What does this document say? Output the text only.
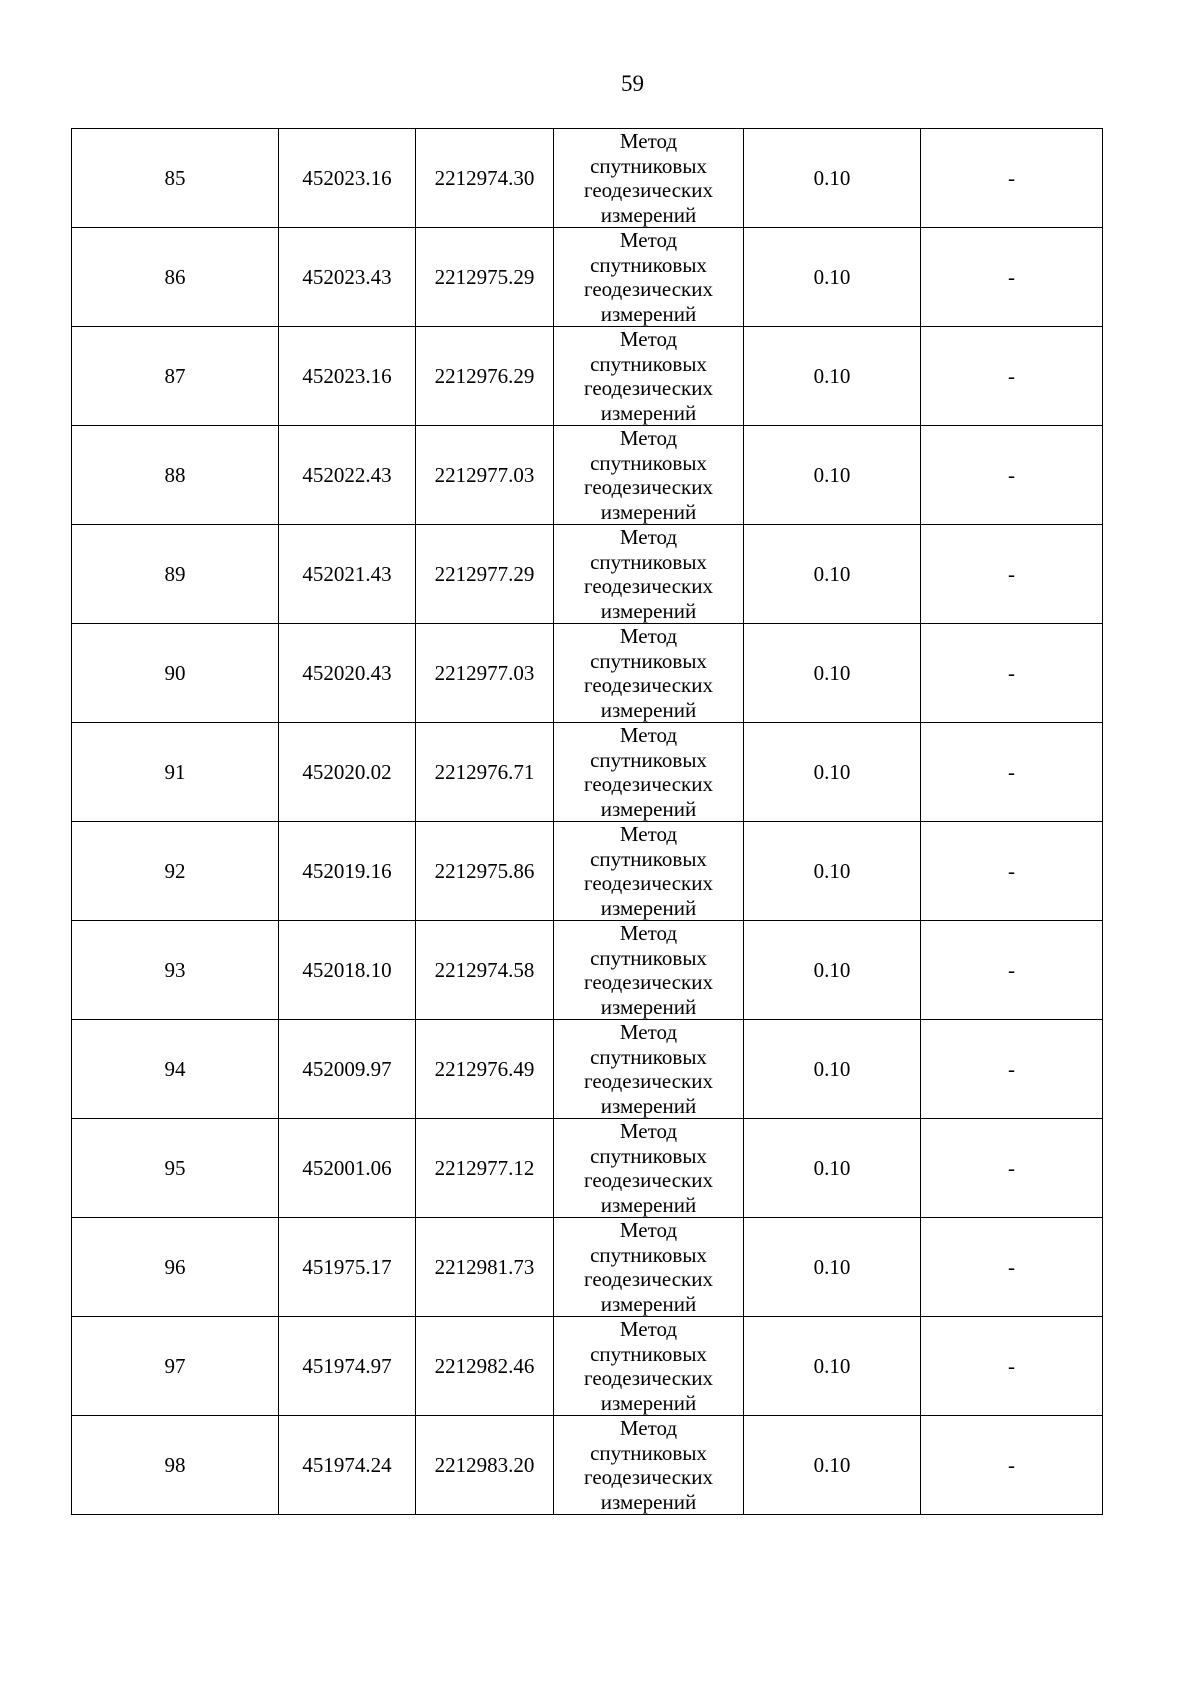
59
85	452023.16	2212974.30	Метод
спутниковых
геодезических
измерений	0.10	-
86	452023.43	2212975.29	Метод
спутниковых
геодезических
измерений	0.10	-
87	452023.16	2212976.29	Метод
спутниковых
геодезических
измерений	0.10	-
88	452022.43	2212977.03	Метод
спутниковых
геодезических
измерений	0.10	-
89	452021.43	2212977.29	Метод
спутниковых
геодезических
измерений	0.10	-
90	452020.43	2212977.03	Метод
спутниковых
геодезических
измерений	0.10	-
91	452020.02	2212976.71	Метод
спутниковых
геодезических
измерений	0.10	-
92	452019.16	2212975.86	Метод
спутниковых
геодезических
измерений	0.10	-
93	452018.10	2212974.58	Метод
спутниковых
геодезических
измерений	0.10	-
94	452009.97	2212976.49	Метод
спутниковых
геодезических
измерений	0.10	-
95	452001.06	2212977.12	Метод
спутниковых
геодезических
измерений	0.10	-
96	451975.17	2212981.73	Метод
спутниковых
геодезических
измерений	0.10	-
97	451974.97	2212982.46	Метод
спутниковых
геодезических
измерений	0.10	-
98	451974.24	2212983.20	Метод
спутниковых
геодезических
измерений	0.10	-
